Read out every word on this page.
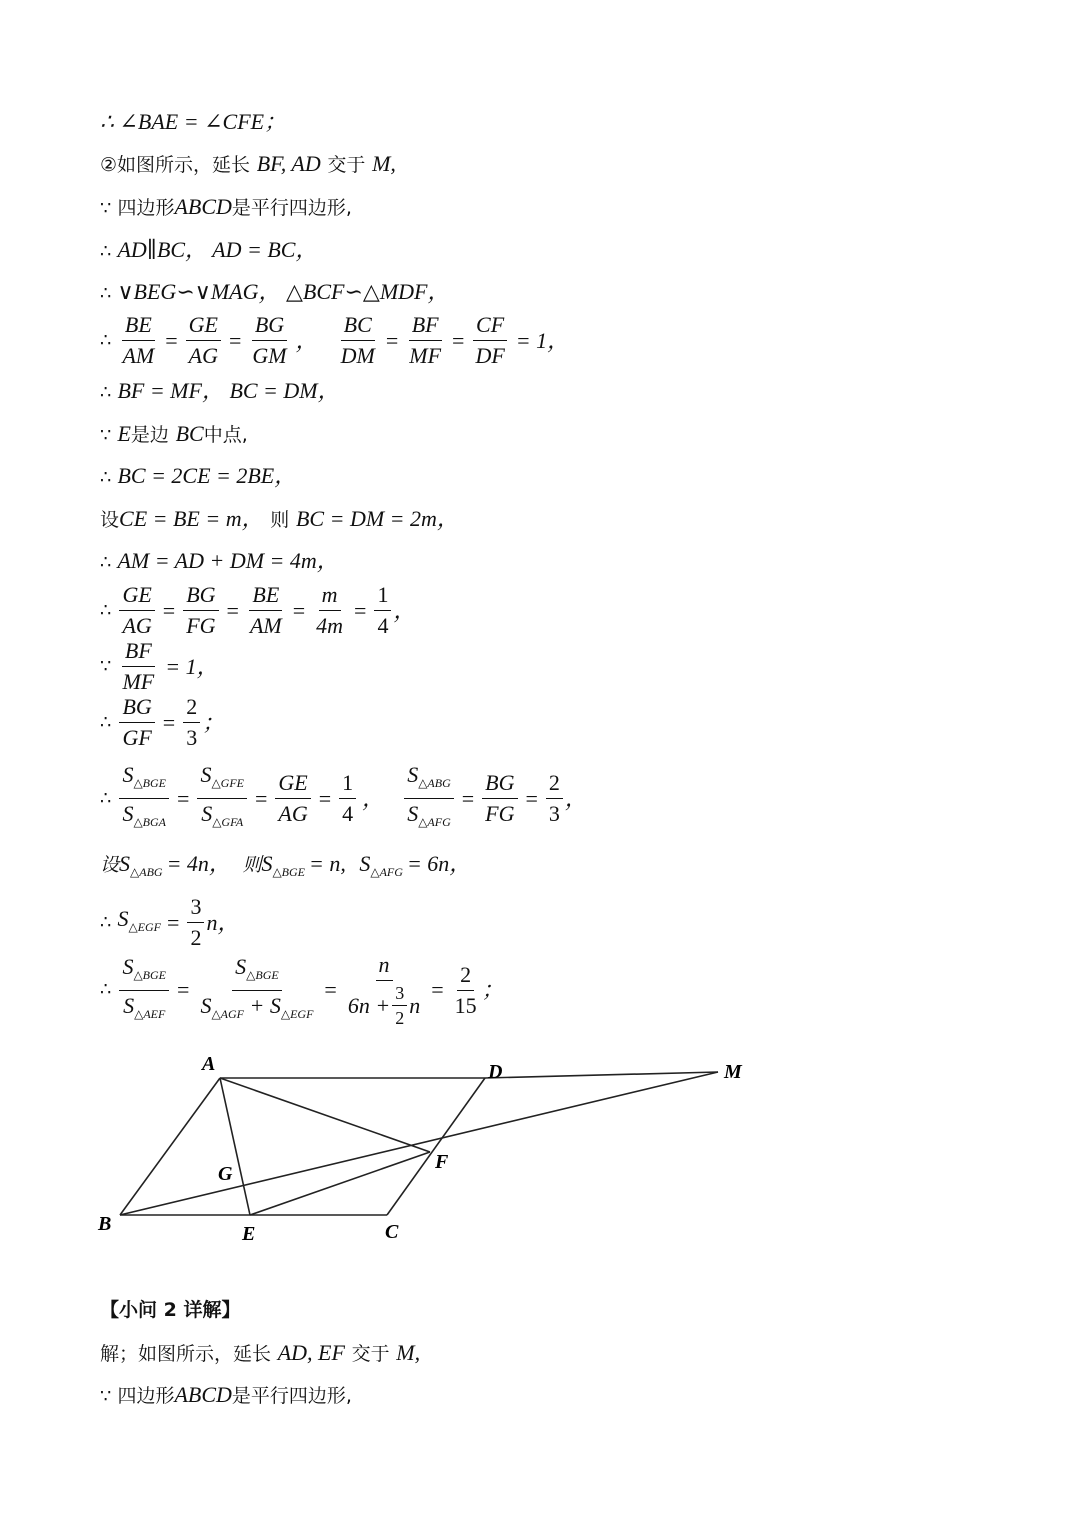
∴ ∠BAE = ∠CFE；
②如图所示，延长 BF, AD 交于 M,
∵ 四边形ABCD是平行四边形,
∴ AD∥BC， AD = BC，
∴ ∨BEG∽∨MAG， △BCF∽△MDF，
∴ $\frac{BE}{AM} = \frac{GE}{AG} = \frac{BG}{GM}$ ， $\frac{BC}{DM} = \frac{BF}{MF} = \frac{CF}{DF} = 1$，
∴ BF = MF， BC = DM，
∵ E是边 BC中点,
∴ BC = 2CE = 2BE，
设CE = BE = m， 则 BC = DM = 2m，
∴ AM = AD + DM = 4m，
∴ $\frac{GE}{AG} = \frac{BG}{FG} = \frac{BE}{AM} = \frac{m}{4m} = \frac{1}{4}$ ，
∵ $\frac{BF}{MF} = 1$，
∴ $\frac{BG}{GF} = \frac{2}{3}$ ；
∴ $\frac{S_{\triangle BGE}}{S_{\triangle BGA}} = \frac{S_{\triangle GFE}}{S_{\triangle GFA}} = \frac{GE}{AG} = \frac{1}{4}$ ， $\frac{S_{\triangle ABG}}{S_{\triangle AFG}} = \frac{BG}{FG} = \frac{2}{3}$ ，
设$S_{\triangle ABG} = 4n$， 则$S_{\triangle BGE} = n$, $S_{\triangle AFG} = 6n$，
∴ $S_{\triangle EGF} = \frac{3}{2}$ n，
∴ $\frac{S_{\triangle BGE}}{S_{\triangle AEF}} = \frac{S_{\triangle BGE}}{S_{\triangle AGF} + S_{\triangle EGF}} = \frac{n}{6n + \frac{3}{2} n} = \frac{2}{15}$ ；
A
B	C
D
E
F
G
M
【小问 2 详解】
解；如图所示，延长 AD, EF 交于 M,
∵ 四边形ABCD是平行四边形,
